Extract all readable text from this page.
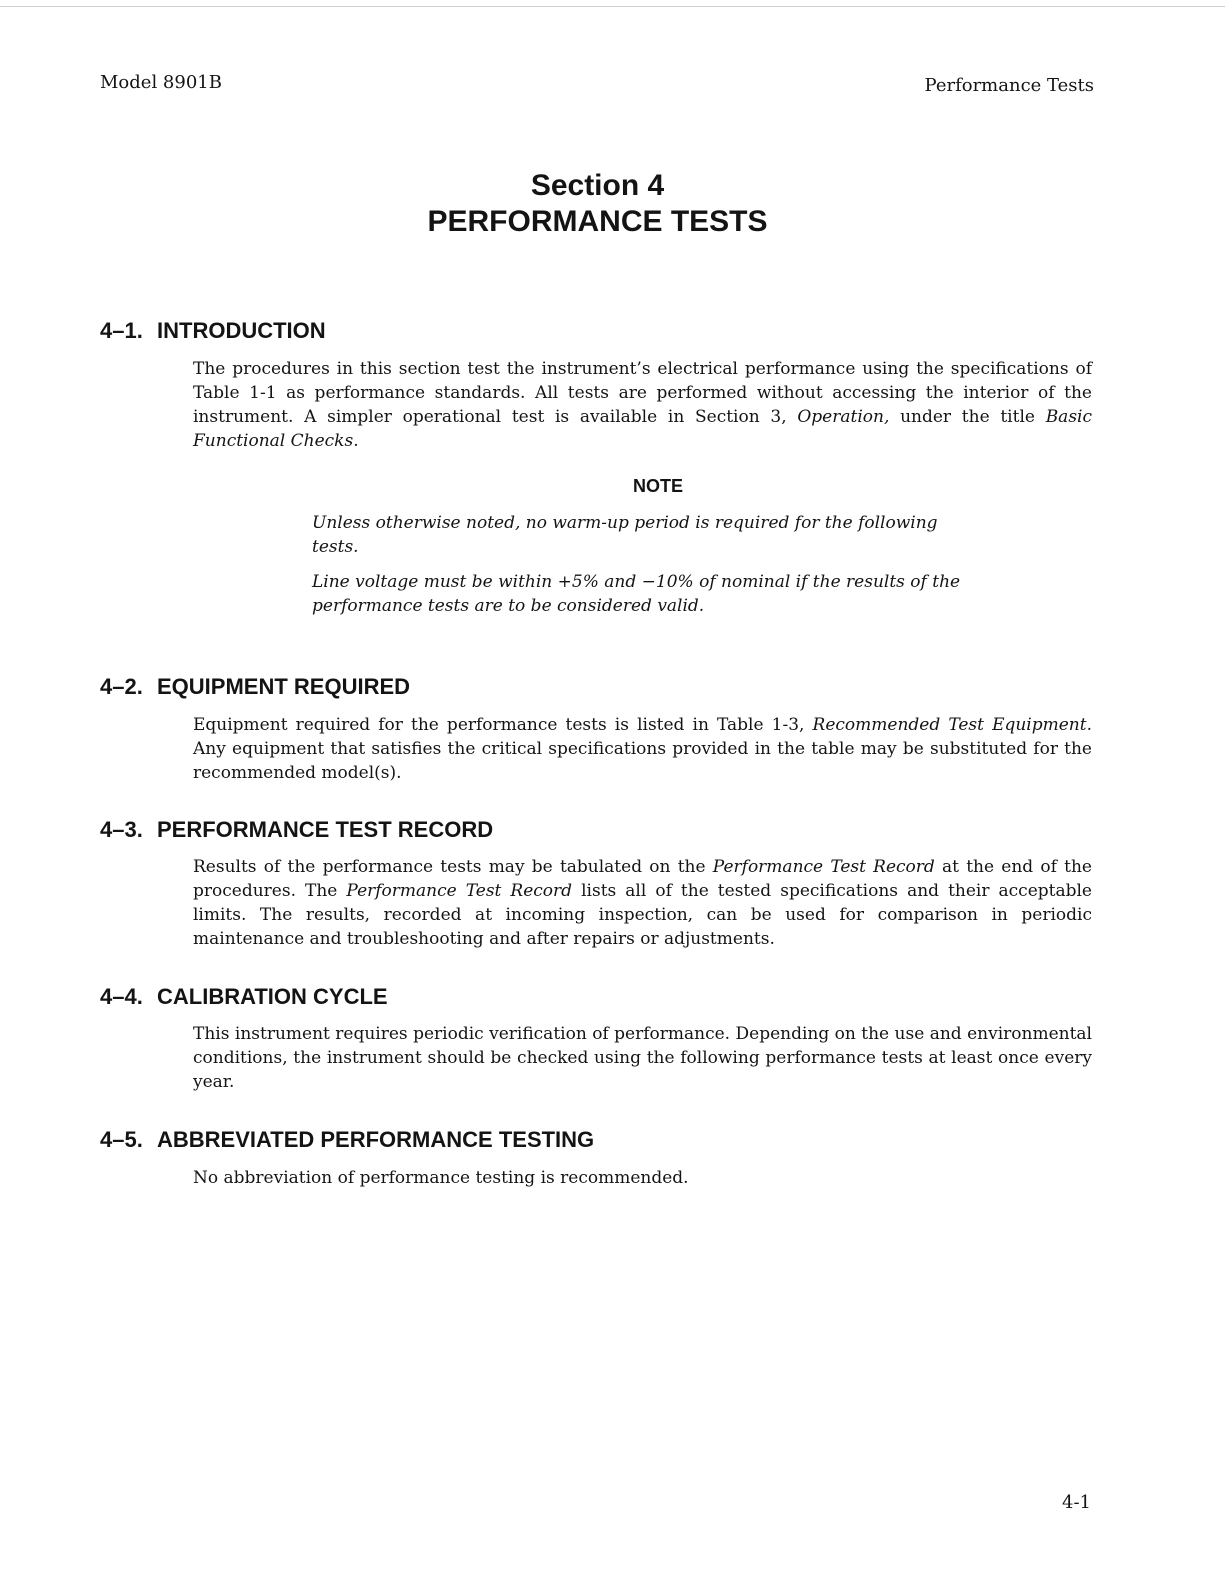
Model 8901B	Performance Tests
Section 4
PERFORMANCE TESTS
4–1. INTRODUCTION
The procedures in this section test the instrument’s electrical performance using the specifications of Table 1-1 as performance standards. All tests are performed without accessing the interior of the instrument. A simpler operational test is available in Section 3, Operation, under the title Basic Functional Checks.
NOTE
Unless otherwise noted, no warm-up period is required for the following tests.
Line voltage must be within +5% and −10% of nominal if the results of the performance tests are to be considered valid.
4–2. EQUIPMENT REQUIRED
Equipment required for the performance tests is listed in Table 1-3, Recommended Test Equipment. Any equipment that satisfies the critical specifications provided in the table may be substituted for the recommended model(s).
4–3. PERFORMANCE TEST RECORD
Results of the performance tests may be tabulated on the Performance Test Record at the end of the procedures. The Performance Test Record lists all of the tested specifications and their acceptable limits. The results, recorded at incoming inspection, can be used for comparison in periodic maintenance and troubleshooting and after repairs or adjustments.
4–4. CALIBRATION CYCLE
This instrument requires periodic verification of performance. Depending on the use and environmental conditions, the instrument should be checked using the following performance tests at least once every year.
4–5. ABBREVIATED PERFORMANCE TESTING
No abbreviation of performance testing is recommended.
4-1
